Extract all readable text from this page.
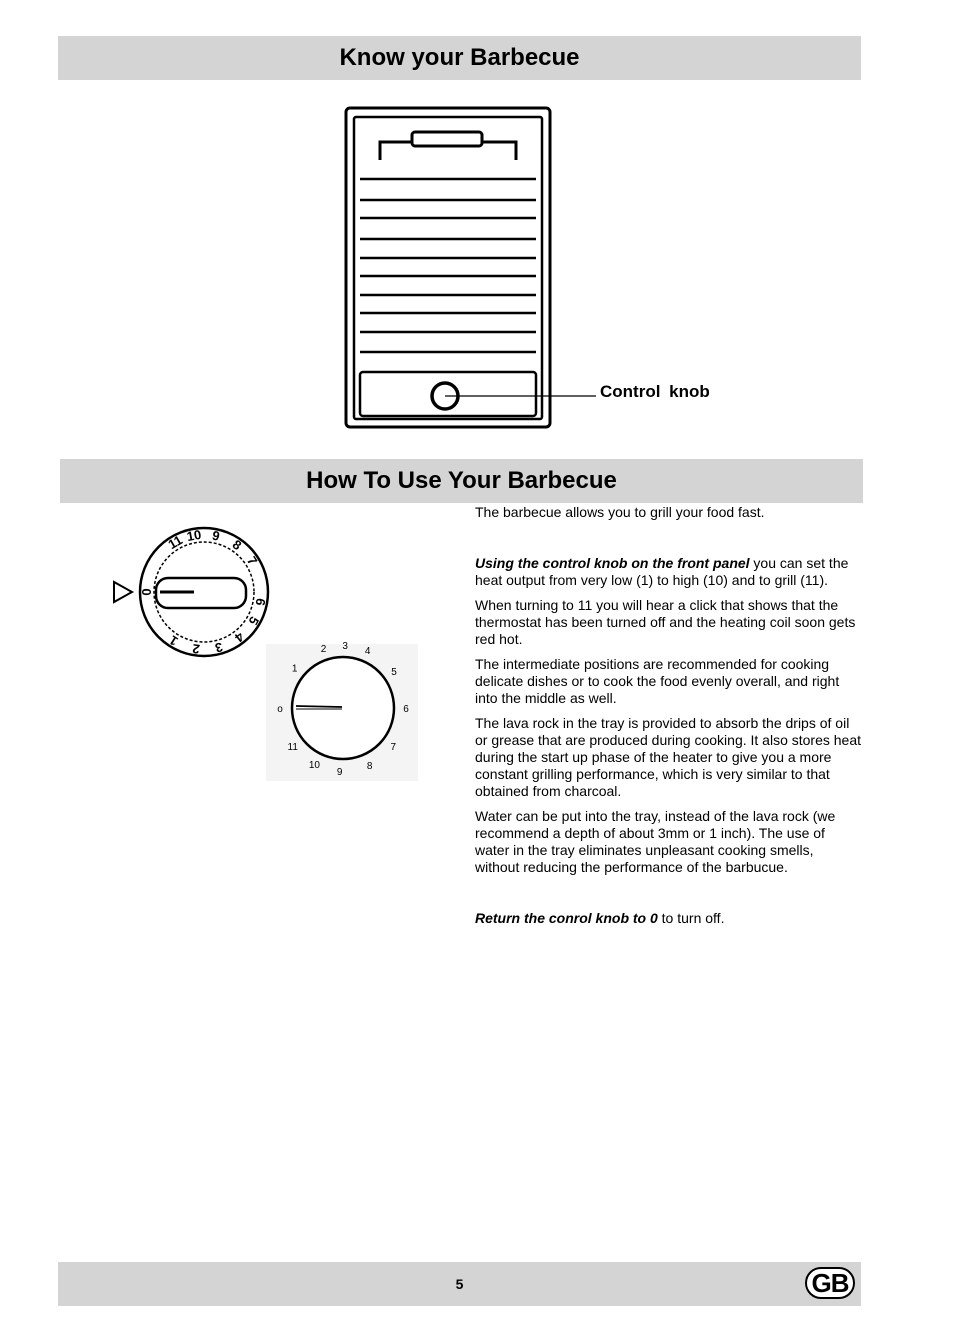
Know your Barbecue
Control knob
How To Use Your Barbecue
11 10 9
8
7
6
5
4
3
2
1
0
1
2 3 4
5
6
7
8
9
10
11
o

The barbecue allows you to grill your food fast.

Using the control knob on the front panel you can set the heat output from very low (1) to high (10) and to grill (11).

When turning to 11 you will hear a click that shows that the thermostat has been turned off and the heating coil soon gets red hot.

The intermediate positions are recommended for cooking delicate dishes or to cook the food evenly overall, and right into the middle as well.

The lava rock in the tray is provided to absorb the drips of oil or grease that are produced during cooking. It also stores heat during the start up phase of the heater to give you a more constant grilling performance, which is very similar to that obtained from charcoal.

Water can be put into the tray, instead of the lava rock (we recommend a depth of about 3mm or 1 inch). The use of water in the tray eliminates unpleasant cooking smells, without reducing the performance of the barbucue.

Return the conrol knob to 0 to turn off.

5	GB
